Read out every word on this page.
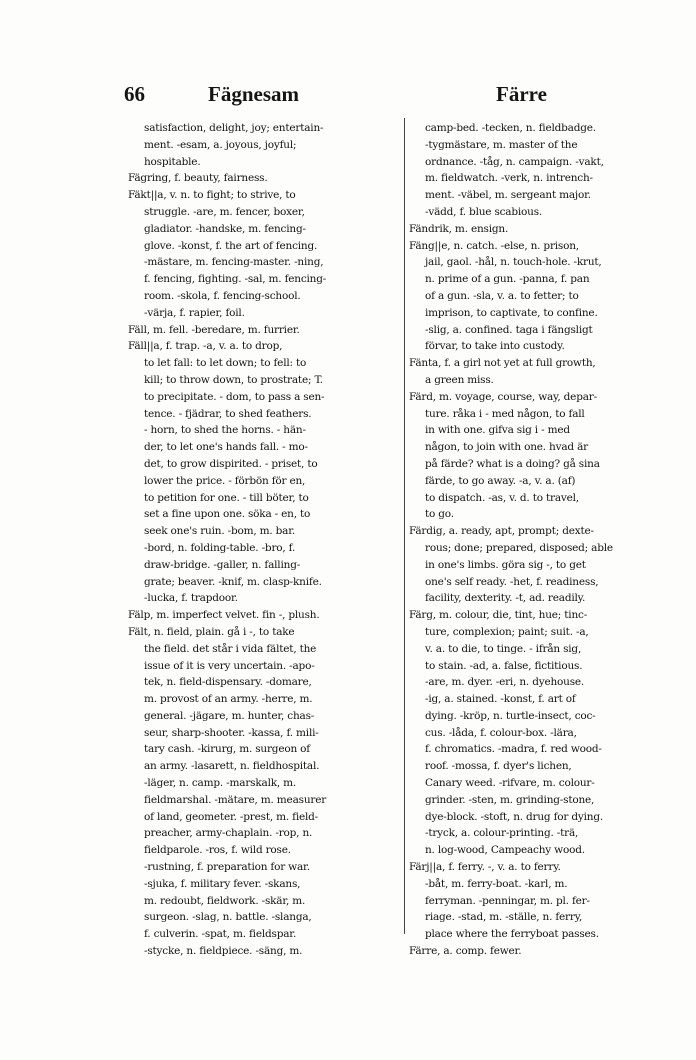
66	Fägnesam	Färre
satisfaction, delight, joy; entertain-
ment. -esam, a. joyous, joyful;
hospitable.
Fägring, f. beauty, fairness.
Fäkt||a, v. n. to fight; to strive, to
struggle. -are, m. fencer, boxer,
gladiator. -handske, m. fencing-
glove. -konst, f. the art of fencing.
-mästare, m. fencing-master. -ning,
f. fencing, fighting. -sal, m. fencing-
room. -skola, f. fencing-school.
-värja, f. rapier, foil.
Fäll, m. fell. -beredare, m. furrier.
Fäll||a, f. trap. -a, v. a. to drop,
to let fall: to let down; to fell: to
kill; to throw down, to prostrate; T.
to precipitate. - dom, to pass a sen-
tence. - fjädrar, to shed feathers.
- horn, to shed the horns. - hän-
der, to let one's hands fall. - mo-
det, to grow dispirited. - priset, to
lower the price. - förbön för en,
to petition for one. - till böter, to
set a fine upon one. söka - en, to
seek one's ruin. -bom, m. bar.
-bord, n. folding-table. -bro, f.
draw-bridge. -galler, n. falling-
grate; beaver. -knif, m. clasp-knife.
-lucka, f. trapdoor.
Fälp, m. imperfect velvet. fin -, plush.
Fält, n. field, plain. gå i -, to take
the field. det står i vida fältet, the
issue of it is very uncertain. -apo-
tek, n. field-dispensary. -domare,
m. provost of an army. -herre, m.
general. -jägare, m. hunter, chas-
seur, sharp-shooter. -kassa, f. mili-
tary cash. -kirurg, m. surgeon of
an army. -lasarett, n. fieldhospital.
-läger, n. camp. -marskalk, m.
fieldmarshal. -mätare, m. measurer
of land, geometer. -prest, m. field-
preacher, army-chaplain. -rop, n.
fieldparole. -ros, f. wild rose.
-rustning, f. preparation for war.
-sjuka, f. military fever. -skans,
m. redoubt, fieldwork. -skär, m.
surgeon. -slag, n. battle. -slanga,
f. culverin. -spat, m. fieldspar.
-stycke, n. fieldpiece. -säng, m.
camp-bed. -tecken, n. fieldbadge.
-tygmästare, m. master of the
ordnance. -tåg, n. campaign. -vakt,
m. fieldwatch. -verk, n. intrench-
ment. -väbel, m. sergeant major.
-vädd, f. blue scabious.
Fändrik, m. ensign.
Fäng||e, n. catch. -else, n. prison,
jail, gaol. -hål, n. touch-hole. -krut,
n. prime of a gun. -panna, f. pan
of a gun. -sla, v. a. to fetter; to
imprison, to captivate, to confine.
-slig, a. confined. taga i fängsligt
förvar, to take into custody.
Fänta, f. a girl not yet at full growth,
a green miss.
Färd, m. voyage, course, way, depar-
ture. råka i - med någon, to fall
in with one. gifva sig i - med
någon, to join with one. hvad är
på färde? what is a doing? gå sina
färde, to go away. -a, v. a. (af)
to dispatch. -as, v. d. to travel,
to go.
Färdig, a. ready, apt, prompt; dexte-
rous; done; prepared, disposed; able
in one's limbs. göra sig -, to get
one's self ready. -het, f. readiness,
facility, dexterity. -t, ad. readily.
Färg, m. colour, die, tint, hue; tinc-
ture, complexion; paint; suit. -a,
v. a. to die, to tinge. - ifrån sig,
to stain. -ad, a. false, fictitious.
-are, m. dyer. -eri, n. dyehouse.
-ig, a. stained. -konst, f. art of
dying. -kröp, n. turtle-insect, coc-
cus. -låda, f. colour-box. -lära,
f. chromatics. -madra, f. red wood-
roof. -mossa, f. dyer's lichen,
Canary weed. -rifvare, m. colour-
grinder. -sten, m. grinding-stone,
dye-block. -stoft, n. drug for dying.
-tryck, a. colour-printing. -trä,
n. log-wood, Campeachy wood.
Färj||a, f. ferry. -, v. a. to ferry.
-båt, m. ferry-boat. -karl, m.
ferryman. -penningar, m. pl. fer-
riage. -stad, m. -ställe, n. ferry,
place where the ferryboat passes.
Färre, a. comp. fewer.
